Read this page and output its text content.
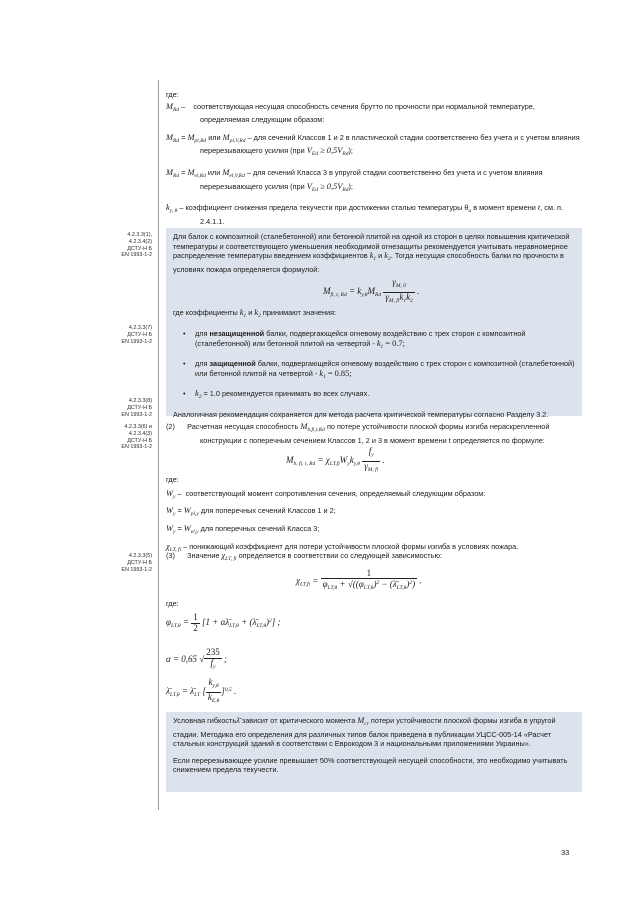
4.2.3.3(1),
4.2.3.4(2)
ДСТУ-Н Б
EN 1993-1-2
4.2.3.3(7)
ДСТУ-Н Б
EN 1993-1-2
4.2.3.3(8)
ДСТУ-Н Б
EN 1993-1-2
4.2.3.3(6) и
4.2.3.4(3)
ДСТУ-Н Б
EN 1993-1-2
4.2.3.3(5)
ДСТУ-Н Б
EN 1993-1-2

где:

$M_{Rd}$ –    соответствующая несущая способность сечения брутто по прочности при нормальной температуре, определяемая следующим образом:

$M_{Rd} = M_{pl,Rd}$ или $M_{pl,V,Rd}$ – для сечений Классов 1 и 2 в пластической стадии соответственно без учета и с учетом влияния перерезывающего усилия (при $V_{Ed} \ge 0,5V_{Rd}$);

$M_{Rd} = M_{el,Rd}$ или $M_{el,V,Rd}$ – для сечений Класса 3 в упругой стадии соответственно без учета и с учетом влияния перерезывающего усилия (при $V_{Ed} \ge 0,5V_{Rd}$);

$k_{y, \theta}$ – коэффициент снижения предела текучести при достижении сталью температуры $\theta_a$ в момент времени t, см. п. 2.4.1.1.

Для балок с композитной (сталебетонной) или бетонной плитой на одной из сторон в целях повышения критической температуры и соответствующего уменьшения необходимой огнезащиты рекомендуется учитывать неравномерное распределение температуры введением коэффициентов $k_1$ и $k_2$. Тогда несущая способность балки по прочности в условиях пожара определяется формулой:

$M_{fi, t, Rd} = k_{y,\theta}M_{Rd} \frac{\gamma_{M, 0}}{\gamma_{M, fi}k_1k_2}$ .

где коэффициенты $k_1$ и $k_2$ принимают значения:

• для незащищенной балки, подвергающейся огневому воздействию с трех сторон с композитной (сталебетонной) или бетонной плитой на четвертой - $k_1 = 0.7$;

• для защищенной балки, подвергающейся огневому воздействию с трех сторон с композитной (сталебетонной) или бетонной плитой на четвертой - $k_1 = 0.85$;

• $k_2 = 1.0$ рекомендуется принимать во всех случаях.

Аналогичная рекомендация сохраняется для метода расчета критической температуры согласно Разделу 3.2.

(2) Расчетная несущая способность $M_{b,fi,t,Rd}$ по потере устойчивости плоской формы изгиба нераскрепленной конструкции с поперечным сечением Классов 1, 2 и 3 в момент времени t определяется по формуле:

$M_{b, fi, t, Rd} = \chi_{LT,fi}W_yk_{y,\theta} \frac{f_y}{\gamma_{M, fi}}$ .

где:

$W_y$ –  соответствующий момент сопротивления сечения, определяемый следующим образом:

$W_y = W_{pl,y}$ для поперечных сечений Классов 1 и 2;

$W_y = W_{el,y}$ для поперечных сечений Класса 3;

$\chi_{LT, fi}$ – понижающий коэффициент для потери устойчивости плоской формы изгиба в условиях пожара.

(3) Значение $\chi_{LT, fi}$ определяется в соответствии со следующей зависимостью:

$\chi_{LT,fi} = \frac{1}{\varphi_{LT,\theta} + √((\varphi_{LT,\theta})^2 - (\lambdā_{LT,\theta})^2)}$ .

где:

$\varphi_{LT,\theta} = \frac{1}{2} [1$ + $\alpha\lambdā_{LT,\theta}$ + $(\lambdā_{LT,\theta})^2$] ;
α = 0,65 √ $\frac{235}{f_y}$ ;
$\lambdā_{LT,\theta}$ = $\lambdā_{LT}$ [ $\frac{k_{y,\theta}}{k_{E,\theta}} ]^{0,5}$ .

Условная гибкостьλ̄ зависит от критического момента $M_{cr}$ потери устойчивости плоской формы изгиба в упругой стадии. Методика его определения для различных типов балок приведена в публикации УЦСС-005-14 «Расчет стальных конструкций зданий в соответствии с Еврокодом 3 и национальными приложениями Украины».

Если перерезывающее усилие превышает 50% соответствующей несущей способности, это необходимо учитывать снижением предела текучести.

33
